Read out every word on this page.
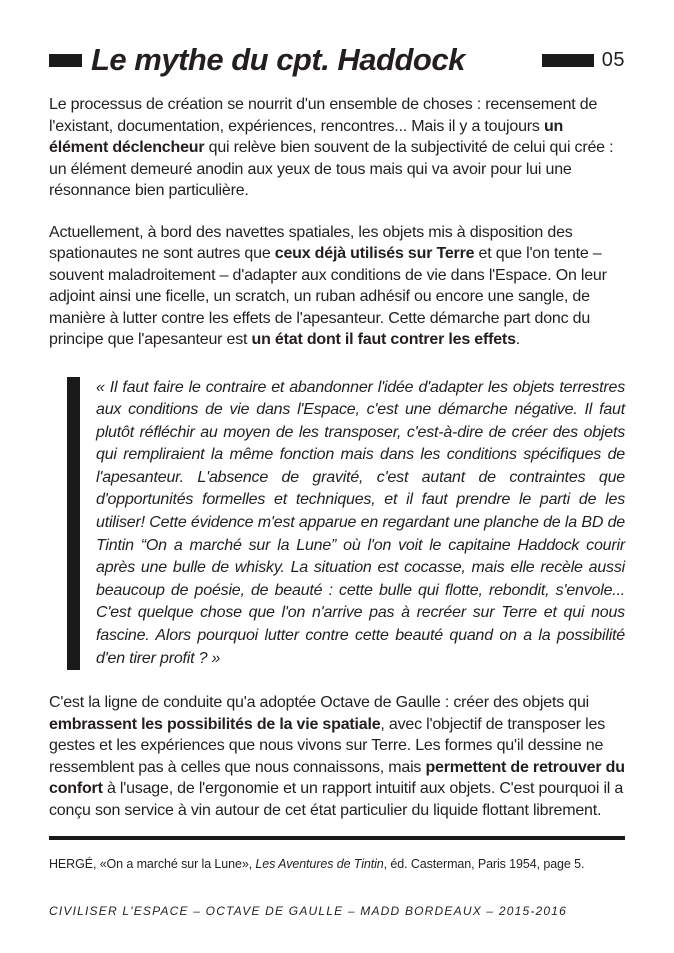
Le mythe du cpt. Haddock	05

Le processus de création se nourrit d'un ensemble de choses : recensement de l'existant, documentation, expériences, rencontres... Mais il y a toujours un élément déclencheur qui relève bien souvent de la subjectivité de celui qui crée : un élément demeuré anodin aux yeux de tous mais qui va avoir pour lui une résonnance bien particulière.

Actuellement, à bord des navettes spatiales, les objets mis à disposition des spationautes ne sont autres que ceux déjà utilisés sur Terre et que l'on tente – souvent maladroitement – d'adapter aux conditions de vie dans l'Espace. On leur adjoint ainsi une ficelle, un scratch, un ruban adhésif ou encore une sangle, de manière à lutter contre les effets de l'apesanteur. Cette démarche part donc du principe que l'apesanteur est un état dont il faut contrer les effets.

« Il faut faire le contraire et abandonner l'idée d'adapter les objets terrestres aux conditions de vie dans l'Espace, c'est une démarche négative. Il faut plutôt réfléchir au moyen de les transposer, c'est-à-dire de créer des objets qui rempliraient la même fonction mais dans les conditions spécifiques de l'apesanteur. L'absence de gravité, c'est autant de contraintes que d'opportunités formelles et techniques, et il faut prendre le parti de les utiliser! Cette évidence m'est apparue en regardant une planche de la BD de Tintin “On a marché sur la Lune” où l'on voit le capitaine Haddock courir après une bulle de whisky. La situation est cocasse, mais elle recèle aussi beaucoup de poésie, de beauté : cette bulle qui flotte, rebondit, s'envole... C'est quelque chose que l'on n'arrive pas à recréer sur Terre et qui nous fascine. Alors pourquoi lutter contre cette beauté quand on a la possibilité d'en tirer profit ? »

C'est la ligne de conduite qu'a adoptée Octave de Gaulle : créer des objets qui embrassent les possibilités de la vie spatiale, avec l'objectif de transposer les gestes et les expériences que nous vivons sur Terre. Les formes qu'il dessine ne ressemblent pas à celles que nous connaissons, mais permettent de retrouver du confort à l'usage, de l'ergonomie et un rapport intuitif aux objets. C'est pourquoi il a conçu son service à vin autour de cet état particulier du liquide flottant librement.

HERGÉ, «On a marché sur la Lune», Les Aventures de Tintin, éd. Casterman, Paris 1954, page 5.

CIVILISER L'ESPACE – OCTAVE DE GAULLE – MADD BORDEAUX – 2015-2016
